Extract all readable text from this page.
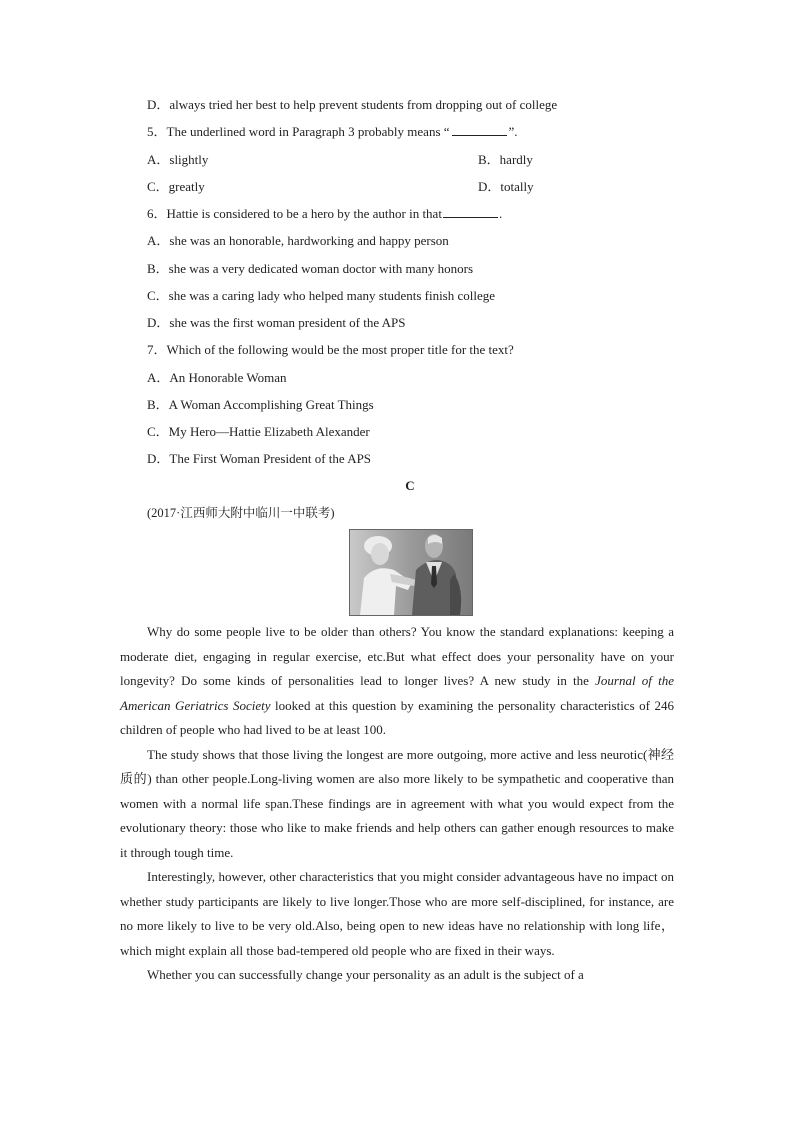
D．always tried her best to help prevent students from dropping out of college
5．The underlined word in Paragraph 3 probably means “	”.
A．slightly	B．hardly
C．greatly	D．totally
6．Hattie is considered to be a hero by the author in that	.
A．she was an honorable, hardworking and happy person
B．she was a very dedicated woman doctor with many honors
C．she was a caring lady who helped many students finish college
D．she was the first woman president of the APS
7．Which of the following would be the most proper title for the text?
A．An Honorable Woman
B．A Woman Accomplishing Great Things
C．My Hero—Hattie Elizabeth Alexander
D．The First Woman President of the APS
C
(2017·江西师大附中临川一中联考)

Why do some people live to be older than others? You know the standard explanations: keeping a moderate diet, engaging in regular exercise, etc.But what effect does your personality have on your longevity? Do some kinds of personalities lead to longer lives? A new study in the Journal of the American Geriatrics Society looked at this question by examining the personality characteristics of 246 children of people who had lived to be at least 100.

The study shows that those living the longest are more outgoing, more active and less neurotic(神经质的) than other people.Long-living women are also more likely to be sympathetic and cooperative than women with a normal life span.These findings are in agreement with what you would expect from the evolutionary theory: those who like to make friends and help others can gather enough resources to make it through tough time.

Interestingly, however, other characteristics that you might consider advantageous have no impact on whether study participants are likely to live longer.Those who are more self-disciplined, for instance, are no more likely to live to be very old.Also, being open to new ideas have no relationship with long life，which might explain all those bad-tempered old people who are fixed in their ways.

Whether you can successfully change your personality as an adult is the subject of a
